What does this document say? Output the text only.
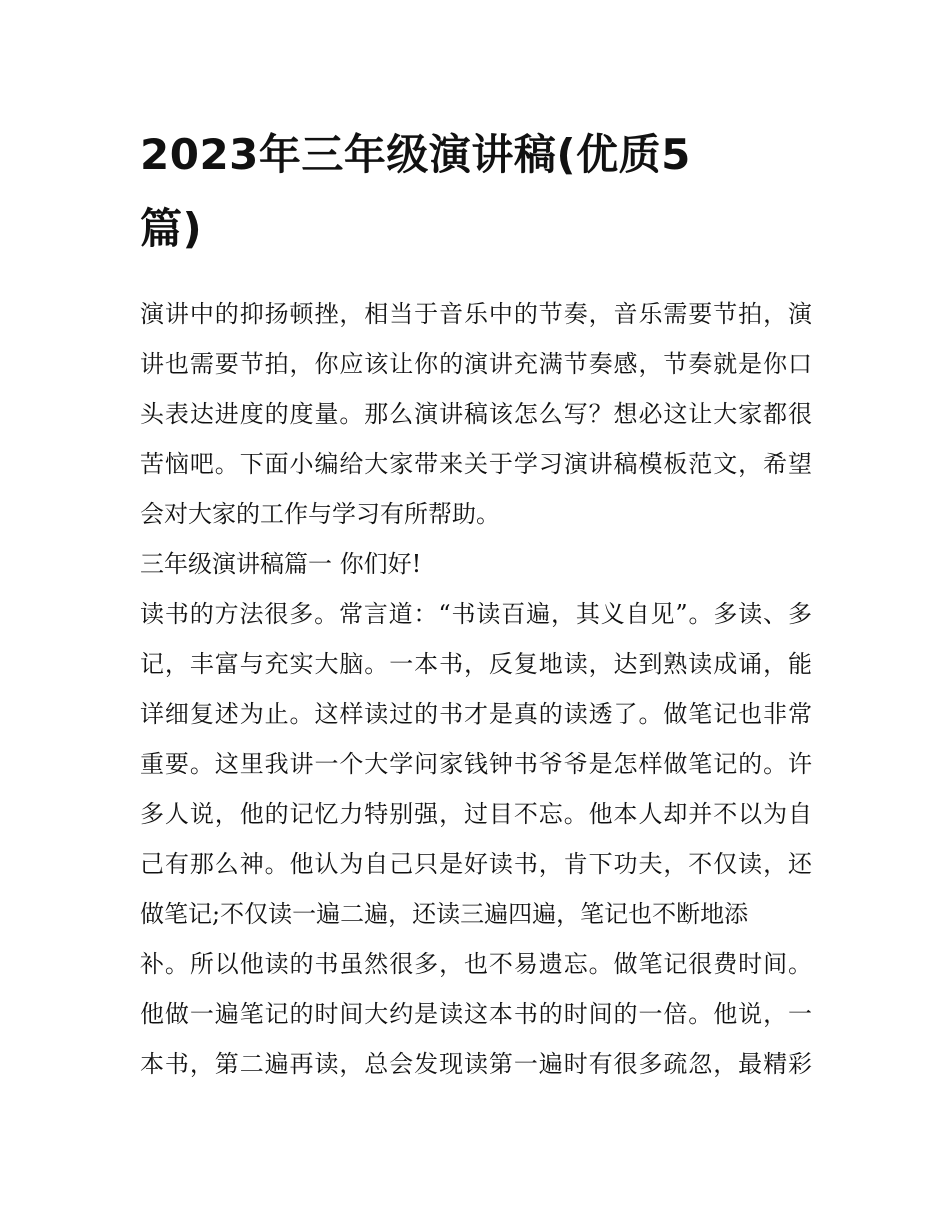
2023年三年级演讲稿(优质5
篇)

演讲中的抑扬顿挫，相当于音乐中的节奏，音乐需要节拍，演
讲也需要节拍，你应该让你的演讲充满节奏感，节奏就是你口
头表达进度的度量。那么演讲稿该怎么写？想必这让大家都很
苦恼吧。下面小编给大家带来关于学习演讲稿模板范文，希望
会对大家的工作与学习有所帮助。

三年级演讲稿篇一 你们好!

读书的方法很多。常言道：“书读百遍，其义自见”。多读、多
记，丰富与充实大脑。一本书，反复地读，达到熟读成诵，能
详细复述为止。这样读过的书才是真的读透了。做笔记也非常
重要。这里我讲一个大学问家钱钟书爷爷是怎样做笔记的。许
多人说，他的记忆力特别强，过目不忘。他本人却并不以为自
己有那么神。他认为自己只是好读书，肯下功夫，不仅读，还
做笔记;不仅读一遍二遍，还读三遍四遍，笔记也不断地添
补。所以他读的书虽然很多，也不易遗忘。做笔记很费时间。
他做一遍笔记的时间大约是读这本书的时间的一倍。他说，一
本书，第二遍再读，总会发现读第一遍时有很多疏忽，最精彩
